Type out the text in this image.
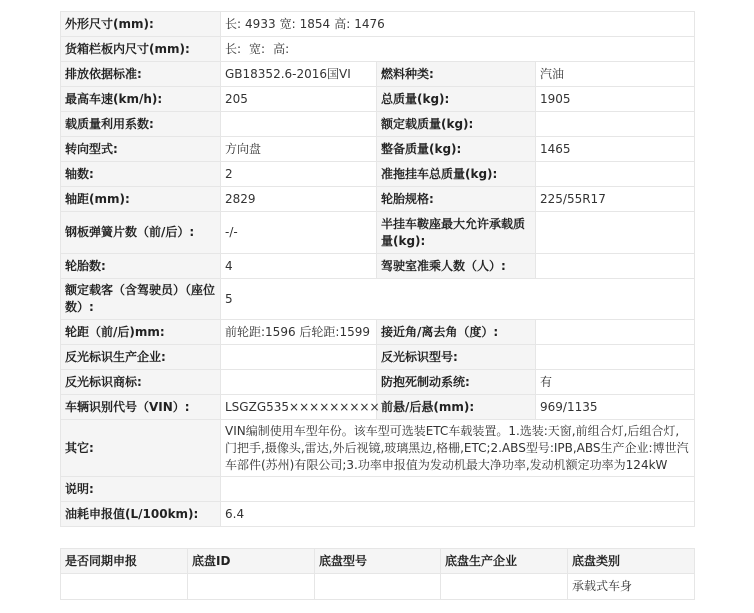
外形尺寸(mm):	长: 4933 宽: 1854 高: 1476		
货箱栏板内尺寸(mm):	长: 宽: 高:		
排放依据标准:	GB18352.6-2016国VI	燃料种类:	汽油
最高车速(km/h):	205	总质量(kg):	1905
载质量利用系数:		额定载质量(kg):	
转向型式:	方向盘	整备质量(kg):	1465
轴数:	2	准拖挂车总质量(kg):	
轴距(mm):	2829	轮胎规格:	225/55R17
钢板弹簧片数（前/后）:	-/-	半挂车鞍座最大允许承载质量(kg):	
轮胎数:	4	驾驶室准乘人数（人）:	
额定载客（含驾驶员）（座位数）:	5		
轮距（前/后)mm:	前轮距:1596 后轮距:1599	接近角/离去角（度）:	
反光标识生产企业:		反光标识型号:	
反光标识商标:		防抱死制动系统:	有
车辆识别代号（VIN）:	LSGZG535×××××××××	前悬/后悬(mm):	969/1135
其它:	VIN编制使用车型年份。该车型可选装ETC车载装置。1.选装:天窗,前组合灯,后组合灯,门把手,摄像头,雷达,外后视镜,玻璃黑边,格栅,ETC;2.ABS型号:IPB,ABS生产企业:博世汽车部件(苏州)有限公司;3.功率申报值为发动机最大净功率,发动机额定功率为124kW		
说明:			
油耗申报值(L/100km):	6.4		
是否同期申报	底盘ID	底盘型号	底盘生产企业	底盘类别
				承载式车身
